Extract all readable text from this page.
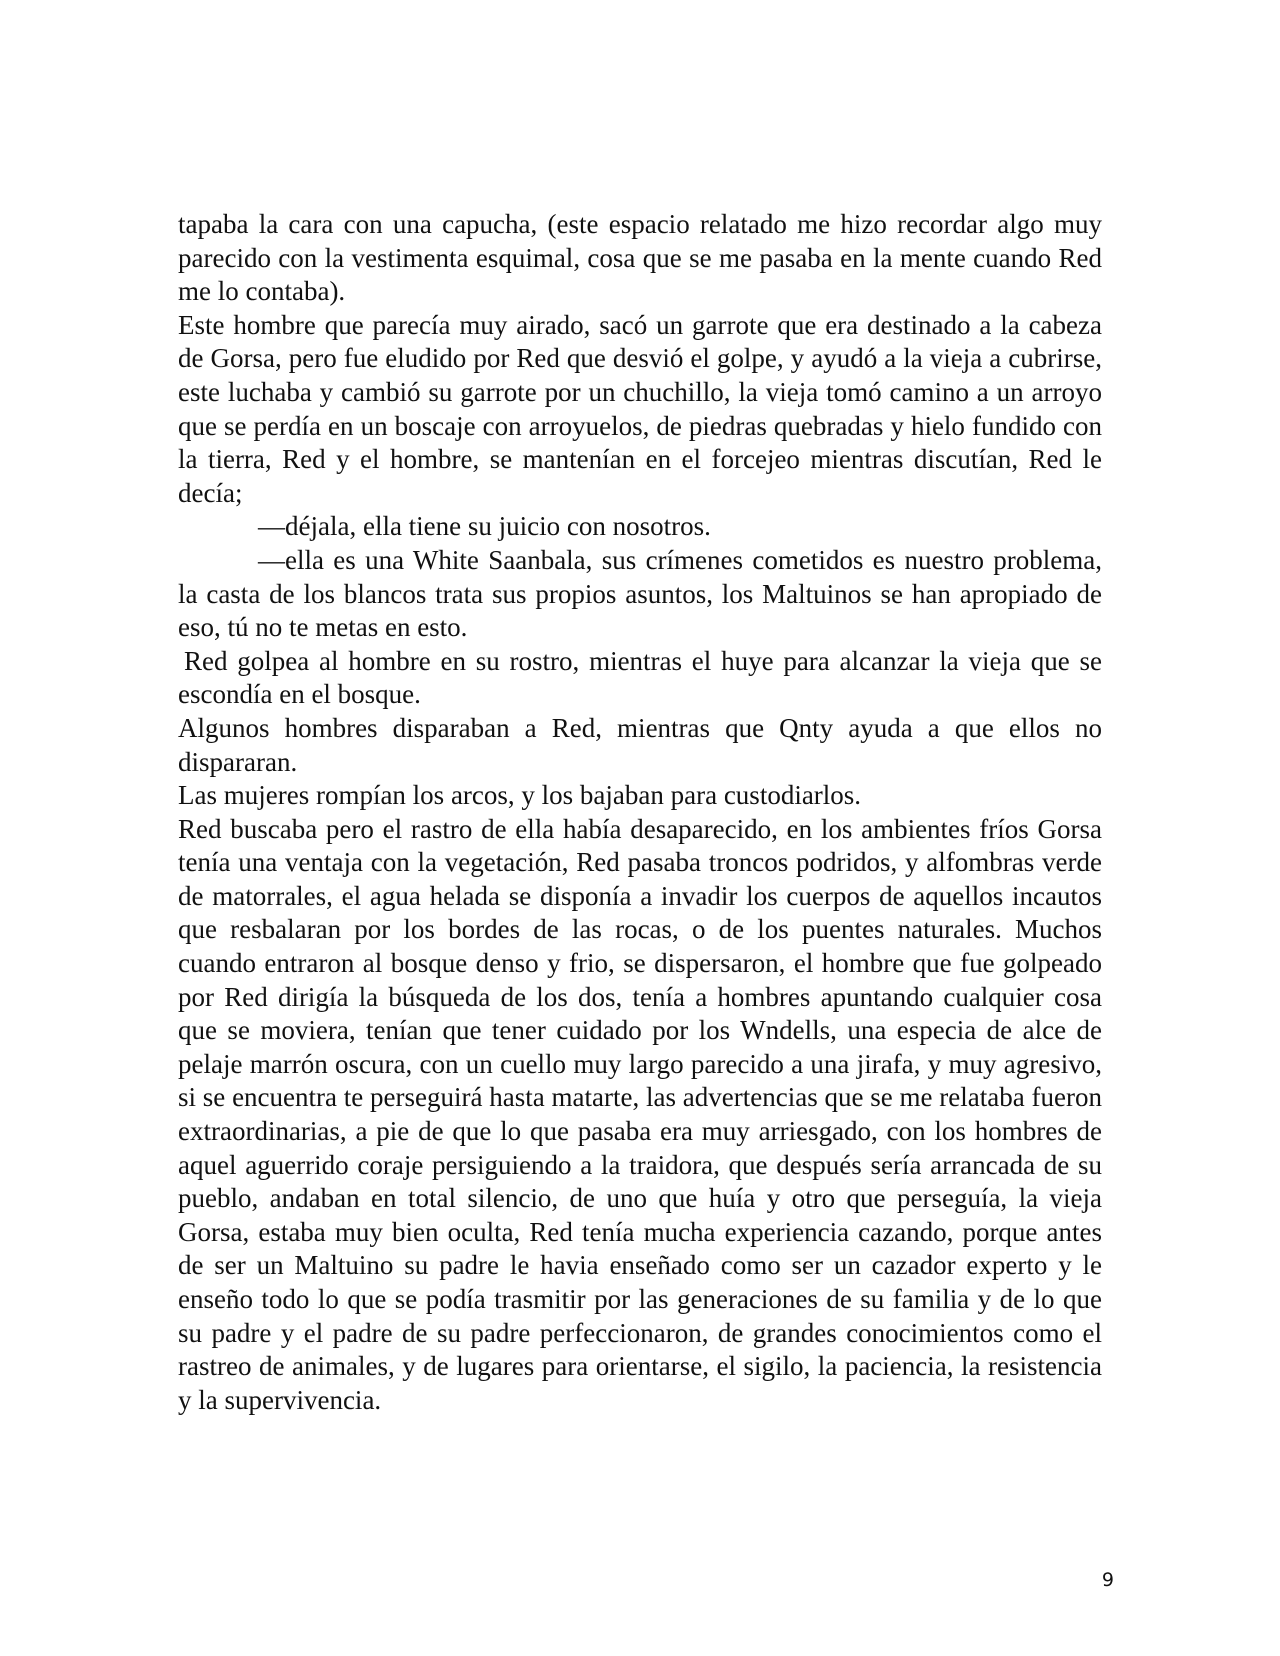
tapaba la cara con una capucha, (este espacio relatado me hizo recordar algo muy parecido con la vestimenta esquimal, cosa que se me pasaba en la mente cuando Red me lo contaba).

Este hombre que parecía muy airado, sacó un garrote que era destinado a la cabeza de Gorsa, pero fue eludido por Red que desvió el golpe, y ayudó a la vieja a cubrirse, este luchaba y cambió su garrote por un chuchillo, la vieja tomó camino a un arroyo que se perdía en un boscaje con arroyuelos, de piedras quebradas y hielo fundido con la tierra, Red y el hombre, se mantenían en el forcejeo mientras discutían, Red le decía;

—déjala, ella tiene su juicio con nosotros.

—ella es una White Saanbala, sus crímenes cometidos es nuestro problema, la casta de los blancos trata sus propios asuntos, los Maltuinos se han apropiado de eso, tú no te metas en esto.

Red golpea al hombre en su rostro, mientras el huye para alcanzar la vieja que se escondía en el bosque.

Algunos hombres disparaban a Red, mientras que Qnty ayuda a que ellos no dispararan.

Las mujeres rompían los arcos, y los bajaban para custodiarlos.

Red buscaba pero el rastro de ella había desaparecido, en los ambientes fríos Gorsa tenía una ventaja con la vegetación, Red pasaba troncos podridos, y alfombras verde de matorrales, el agua helada se disponía a invadir los cuerpos de aquellos incautos que resbalaran por los bordes de las rocas, o de los puentes naturales. Muchos cuando entraron al bosque denso y frio, se dispersaron, el hombre que fue golpeado por Red dirigía la búsqueda de los dos, tenía a hombres apuntando cualquier cosa que se moviera, tenían que tener cuidado por los Wndells, una especia de alce de pelaje marrón oscura, con un cuello muy largo parecido a una jirafa, y muy agresivo, si se encuentra te perseguirá hasta matarte, las advertencias que se me relataba fueron extraordinarias, a pie de que lo que pasaba era muy arriesgado, con los hombres de aquel aguerrido coraje persiguiendo a la traidora, que después sería arrancada de su pueblo, andaban en total silencio, de uno que huía y otro que perseguía, la vieja Gorsa, estaba muy bien oculta, Red tenía mucha experiencia cazando, porque antes de ser un Maltuino su padre le havia enseñado como ser un cazador experto y le enseño todo lo que se podía trasmitir por las generaciones de su familia y de lo que su padre y el padre de su padre perfeccionaron, de grandes conocimientos como el rastreo de animales, y de lugares para orientarse, el sigilo, la paciencia, la resistencia y la supervivencia.

9
